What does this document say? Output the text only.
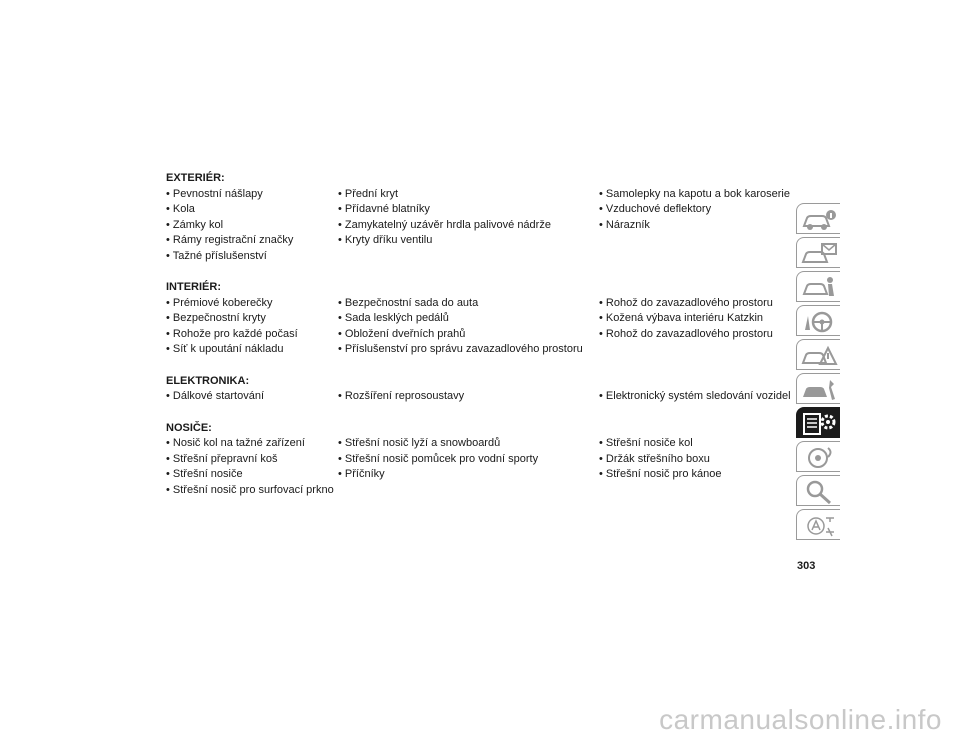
EXTERIÉR:
• Pevnostní nášlapy	• Přední kryt	• Samolepky na kapotu a bok karoserie
• Kola	• Přídavné blatníky	• Vzduchové deflektory
• Zámky kol	• Zamykatelný uzávěr hrdla palivové nádrže	• Nárazník
• Rámy registrační značky	• Kryty dříku ventilu
• Tažné příslušenství
INTERIÉR:
• Prémiové koberečky	• Bezpečnostní sada do auta	• Rohož do zavazadlového prostoru
• Bezpečnostní kryty	• Sada lesklých pedálů	• Kožená výbava interiéru Katzkin
• Rohože pro každé počasí	• Obložení dveřních prahů	• Rohož do zavazadlového prostoru
• Síť k upoutání nákladu	• Příslušenství pro správu zavazadlového prostoru
ELEKTRONIKA:
• Dálkové startování	• Rozšíření reprosoustavy	• Elektronický systém sledování vozidel
NOSIČE:
• Nosič kol na tažné zařízení	• Střešní nosič lyží a snowboardů	• Střešní nosiče kol
• Střešní přepravní koš	• Střešní nosič pomůcek pro vodní sporty	• Držák střešního boxu
• Střešní nosiče	• Příčníky	• Střešní nosič pro kánoe
• Střešní nosič pro surfovací prkno
303
carmanualsonline.info
